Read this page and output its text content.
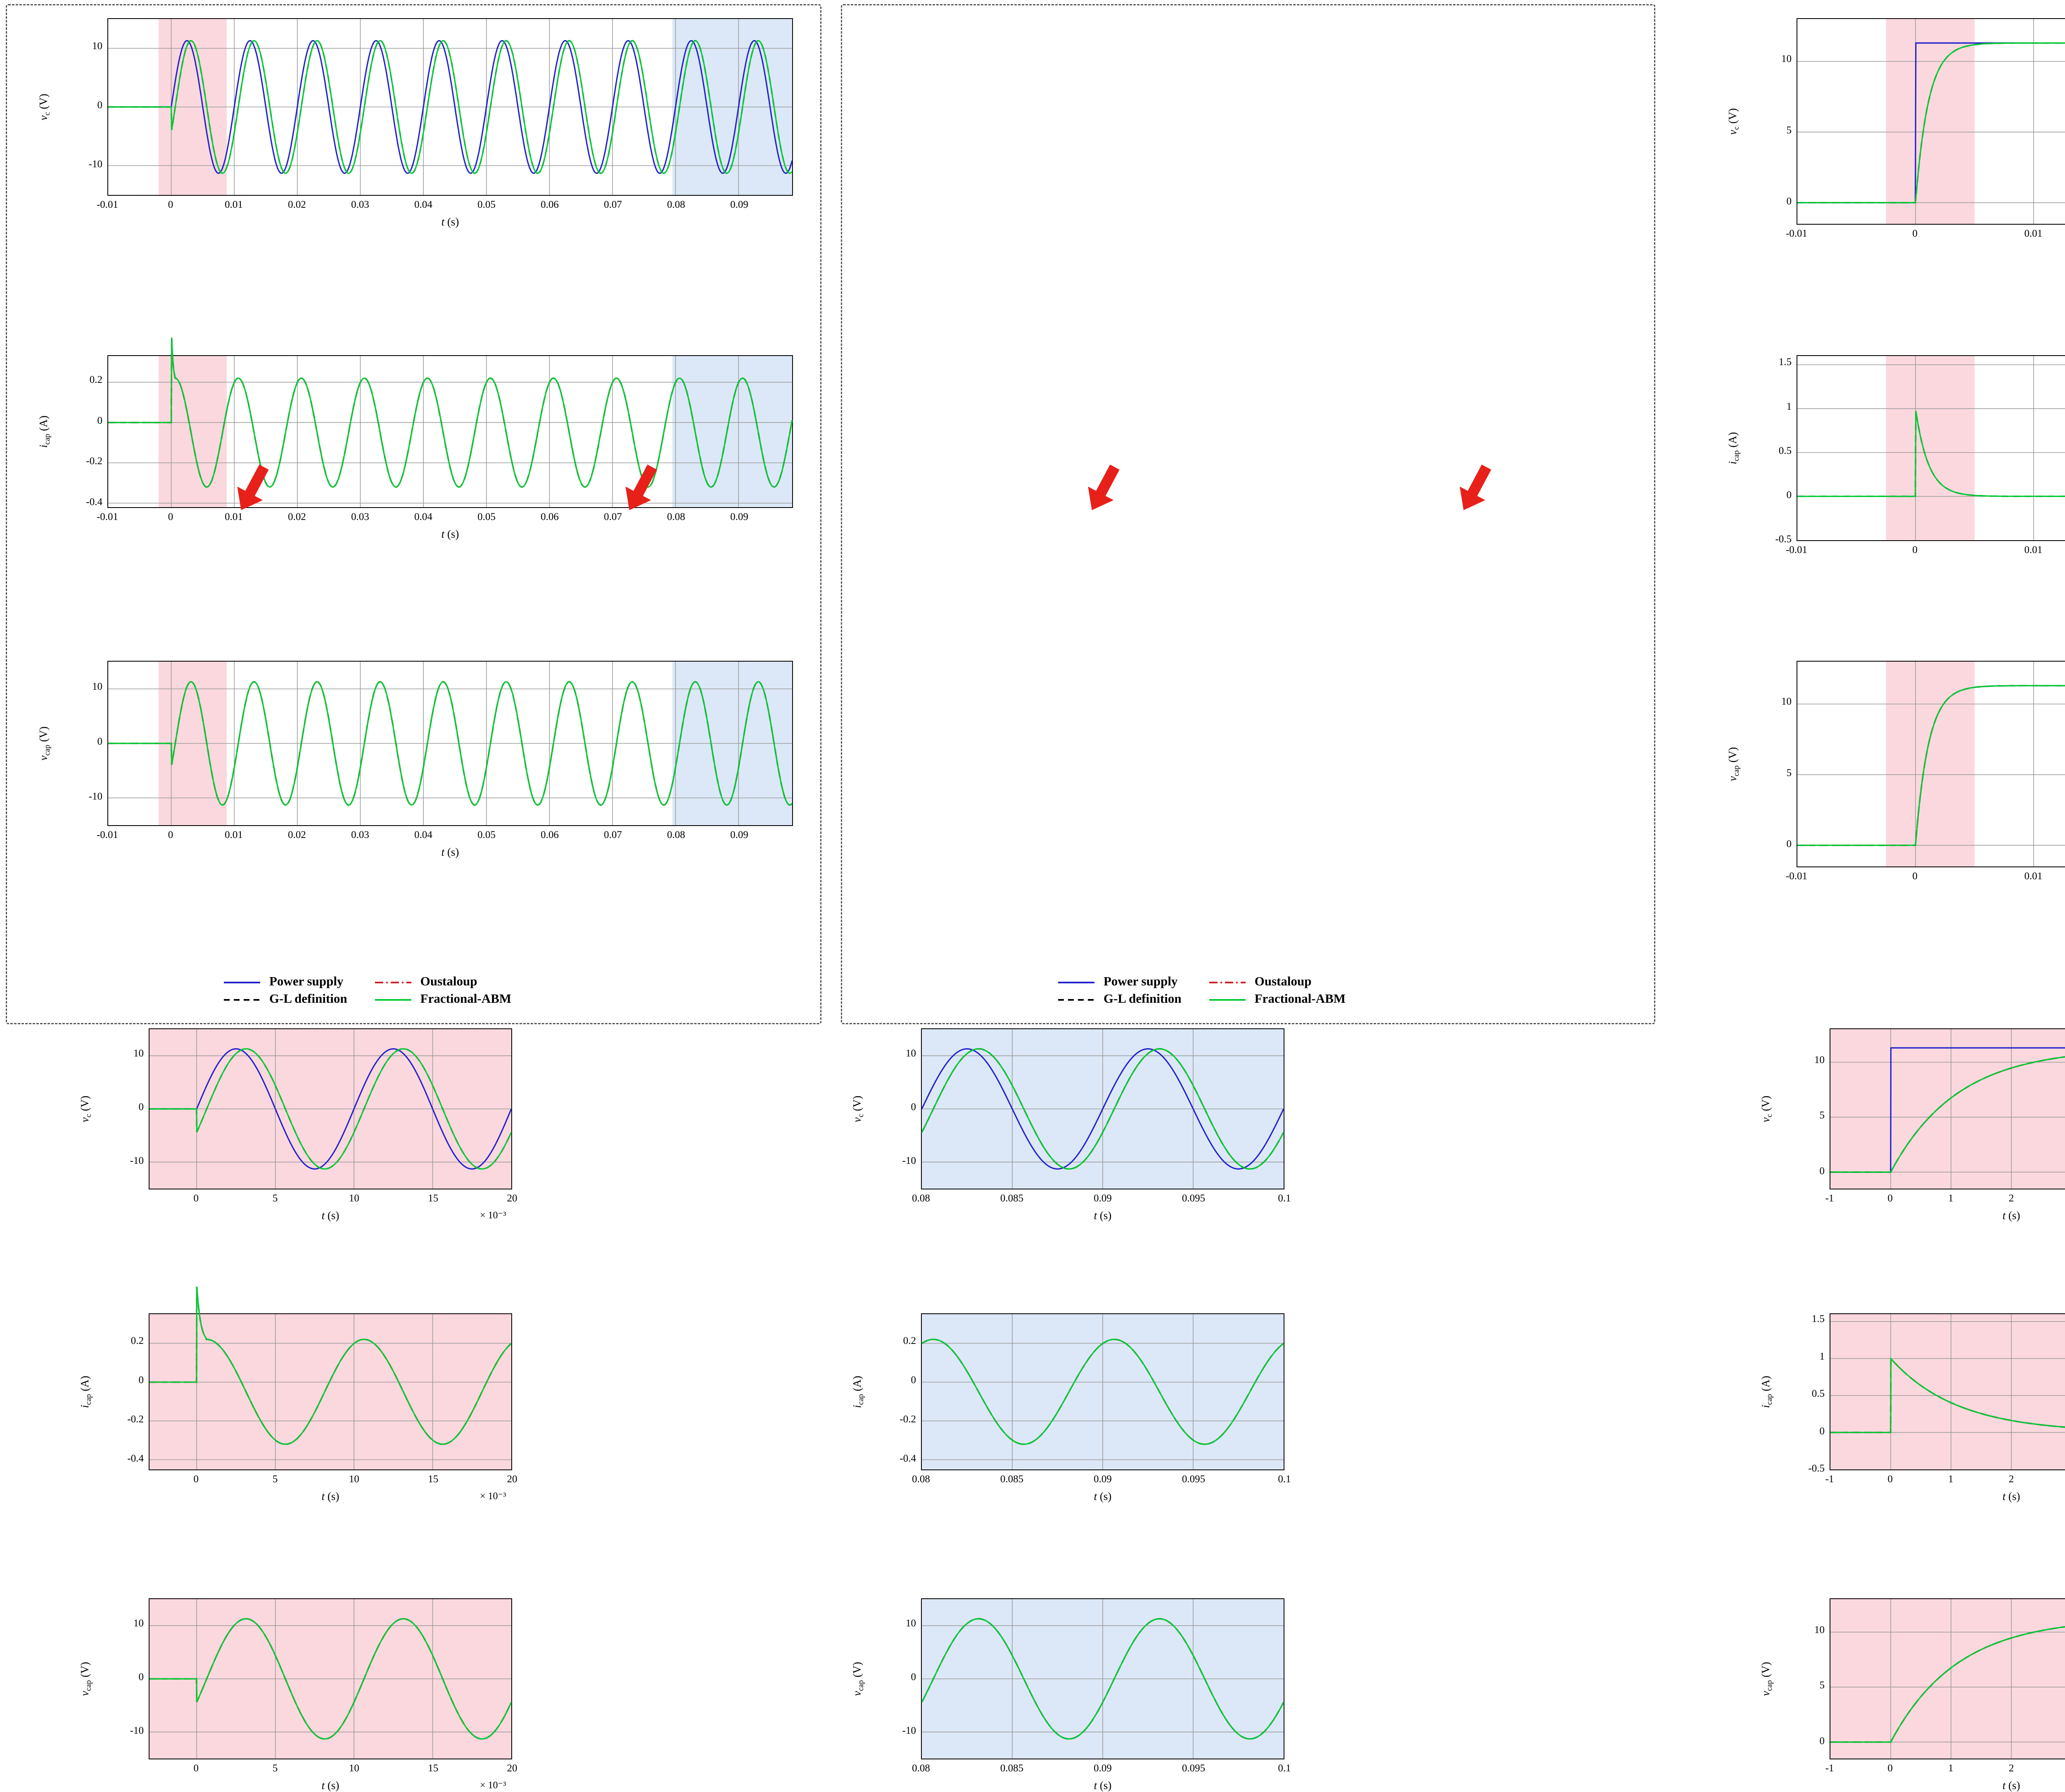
-0.01	0	0.01	0.02	0.03	0.04	0.05	0.06	0.07	0.08	0.09
-10
0
10
t (s)
$v_c$ (V)
-0.01	0	0.01	0.02	0.03	0.04	0.05	0.06	0.07	0.08	0.09
-0.4
-0.2
0
0.2
t (s)
$i_{cap}$ (A)
-0.01	0	0.01	0.02	0.03	0.04	0.05	0.06	0.07	0.08	0.09
-10
0
10
t (s)
$v_{cap}$ (V)
0	5	10	15	20
-10
0
10
t (s)	× 10⁻³
$v_c$ (V)
0	5	10	15	20
-0.4
-0.2
0
0.2
t (s)	× 10⁻³
$i_{cap}$ (A)
0	5	10	15	20
-10
0
10
t (s)	× 10⁻³
$v_{cap}$ (V)
0.08	0.085	0.09	0.095	0.1
-10
0
10
t (s)
$v_c$ (V)
0.08	0.085	0.09	0.095	0.1
-0.4
-0.2
0
0.2
t (s)
$i_{cap}$ (A)
0.08	0.085	0.09	0.095	0.1
-10
0
10
t (s)
$v_{cap}$ (V)
-0.01	0	0.01
0
5
10
$v_c$ (V)
-0.01	0	0.01
-0.5
0
0.5
1
1.5
$i_{cap}$ (A)
-0.01	0	0.01
0
5
10
$v_{cap}$ (V)
-1	0	1	2
0
5
10
t (s)
$v_c$ (V)
-1	0	1	2
-0.5
0
0.5
1
1.5
t (s)
$i_{cap}$ (A)
-1	0	1	2
0
5
10
t (s)
$v_{cap}$ (V)
	Power supply		Oustaloup
	G-L definition		Fractional-ABM
	Power supply		Oustaloup
	G-L definition		Fractional-ABM
